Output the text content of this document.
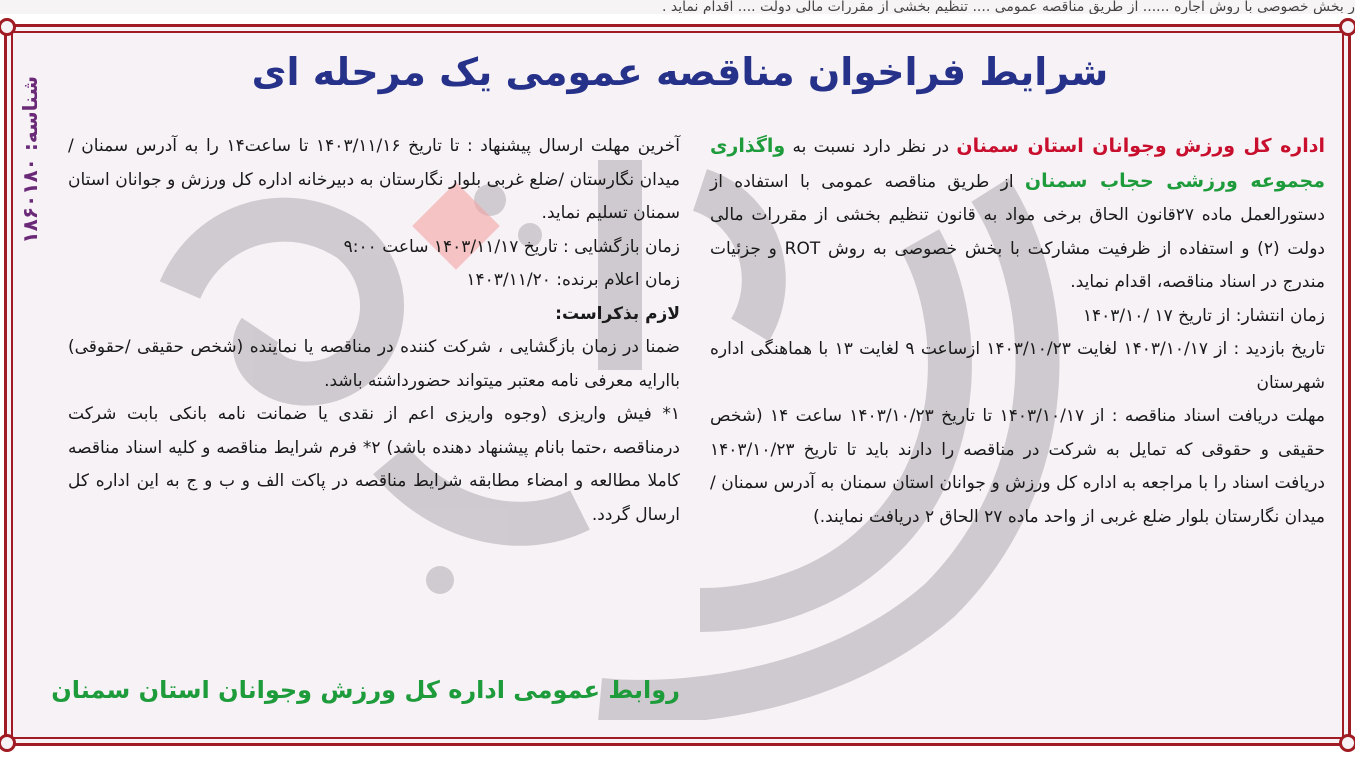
ر بخش خصوصی با روش اجاره ...... از طریق مناقصه عمومی .... تنظیم بخشی از مقررات مالی دولت .... اقدام نماید .
شناسه: ۱۸۶۰۱۸۰
شرایط فراخوان مناقصه عمومی یک مرحله ای

اداره کل ورزش وجوانان استان سمنان در نظر دارد نسبت به واگذاری مجموعه ورزشی حجاب سمنان از طریق مناقصه عمومی با استفاده از دستورالعمل ماده ۲۷قانون الحاق برخی مواد به قانون تنظیم بخشی از مقررات مالی دولت (۲) و استفاده از ظرفیت مشارکت با بخش خصوصی به روش ROT و جزئیات مندرج در اسناد مناقصه، اقدام نماید.

زمان انتشار: از تاریخ ۱۷ /۱۴۰۳/۱۰

تاریخ بازدید : از ۱۴۰۳/۱۰/۱۷ لغایت ۱۴۰۳/۱۰/۲۳ ازساعت ۹ لغایت ۱۳ با هماهنگی اداره شهرستان

مهلت دریافت اسناد مناقصه : از ۱۴۰۳/۱۰/۱۷ تا تاریخ ۱۴۰۳/۱۰/۲۳ ساعت ۱۴ (شخص حقیقی و حقوقی که تمایل به شرکت در مناقصه را دارند باید تا تاریخ ۱۴۰۳/۱۰/۲۳ دریافت اسناد را با مراجعه به اداره کل ورزش و جوانان استان سمنان به آدرس سمنان / میدان نگارستان بلوار ضلع غربی از واحد ماده ۲۷ الحاق ۲ دریافت نمایند.)

آخرین مهلت ارسال پیشنهاد : تا تاریخ ۱۴۰۳/۱۱/۱۶ تا ساعت۱۴ را به آدرس سمنان /میدان نگارستان /ضلع غربی بلوار نگارستان به دبیرخانه اداره کل ورزش و جوانان استان سمنان تسلیم نماید.

زمان بازگشایی : تاریخ ۱۴۰۳/۱۱/۱۷ ساعت ۹:۰۰

زمان اعلام برنده: ۱۴۰۳/۱۱/۲۰

لازم بذکراست:

ضمنا در زمان بازگشایی ، شرکت کننده در مناقصه یا نماینده (شخص حقیقی /حقوقی) باارایه معرفی نامه معتبر میتواند حضورداشته باشد.

۱* فیش واریزی (وجوه واریزی اعم از نقدی یا ضمانت نامه بانکی بابت شرکت درمناقصه ،حتما بانام پیشنهاد دهنده باشد) ۲* فرم شرایط مناقصه و کلیه اسناد مناقصه کاملا مطالعه و امضاء مطابقه شرایط مناقصه در پاکت الف و ب و ج به این اداره کل ارسال گردد.

روابط عمومی اداره کل ورزش وجوانان استان سمنان
